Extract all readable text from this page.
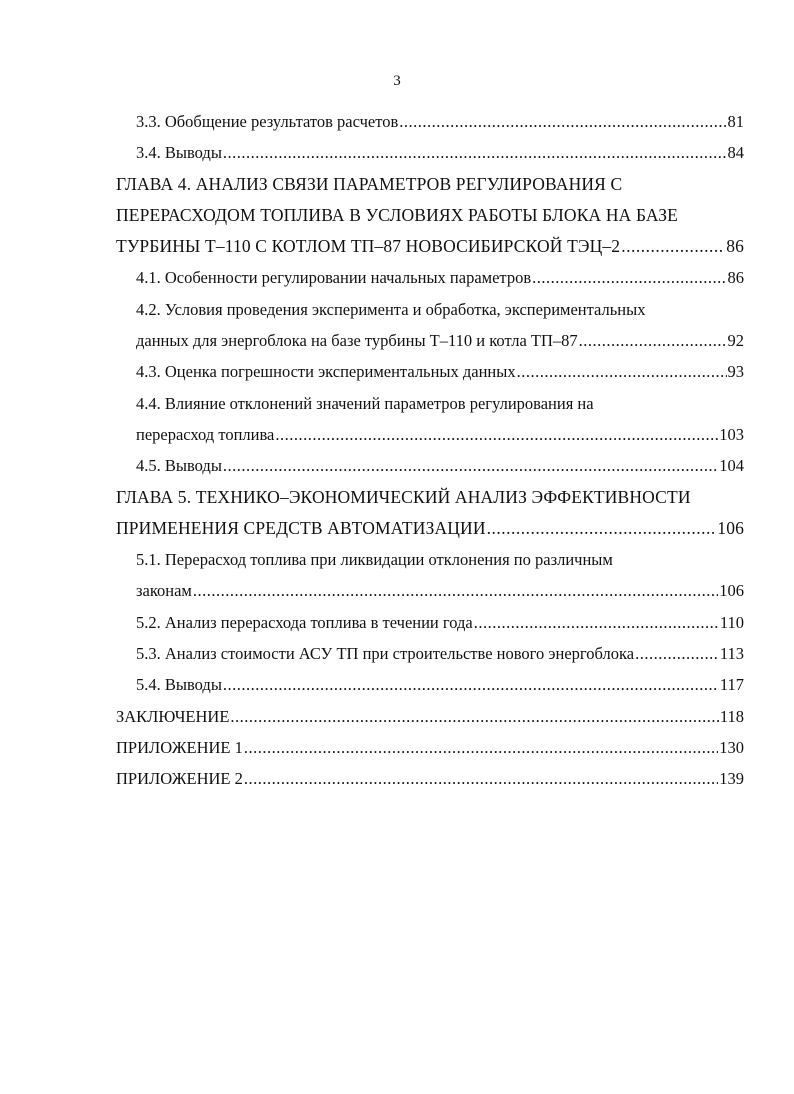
3
3.3. Обобщение результатов расчетов .....	81
3.4. Выводы .....	84
ГЛАВА 4. АНАЛИЗ СВЯЗИ ПАРАМЕТРОВ РЕГУЛИРОВАНИЯ С
ПЕРЕРАСХОДОМ ТОПЛИВА В УСЛОВИЯХ РАБОТЫ БЛОКА НА БАЗЕ
ТУРБИНЫ Т–110 С КОТЛОМ ТП–87 НОВОСИБИРСКОЙ ТЭЦ–2 .....	86
4.1. Особенности регулировании начальных параметров .....	86
4.2. Условия проведения эксперимента и обработка, экспериментальных
данных для энергоблока на базе турбины Т–110 и котла ТП–87 .....	92
4.3. Оценка погрешности экспериментальных данных .....	93
4.4. Влияние отклонений значений параметров регулирования на
перерасход топлива .....	103
4.5. Выводы .....	104
ГЛАВА 5. ТЕХНИКО–ЭКОНОМИЧЕСКИЙ АНАЛИЗ ЭФФЕКТИВНОСТИ
ПРИМЕНЕНИЯ СРЕДСТВ АВТОМАТИЗАЦИИ .....	106
5.1. Перерасход топлива при ликвидации отклонения по различным
законам .....	106
5.2. Анализ перерасхода топлива в течении года .....	110
5.3. Анализ стоимости АСУ ТП при строительстве нового энергоблока .....	113
5.4. Выводы .....	117
ЗАКЛЮЧЕНИЕ .....	118
ПРИЛОЖЕНИЕ 1 .....	130
ПРИЛОЖЕНИЕ 2 .....	139
